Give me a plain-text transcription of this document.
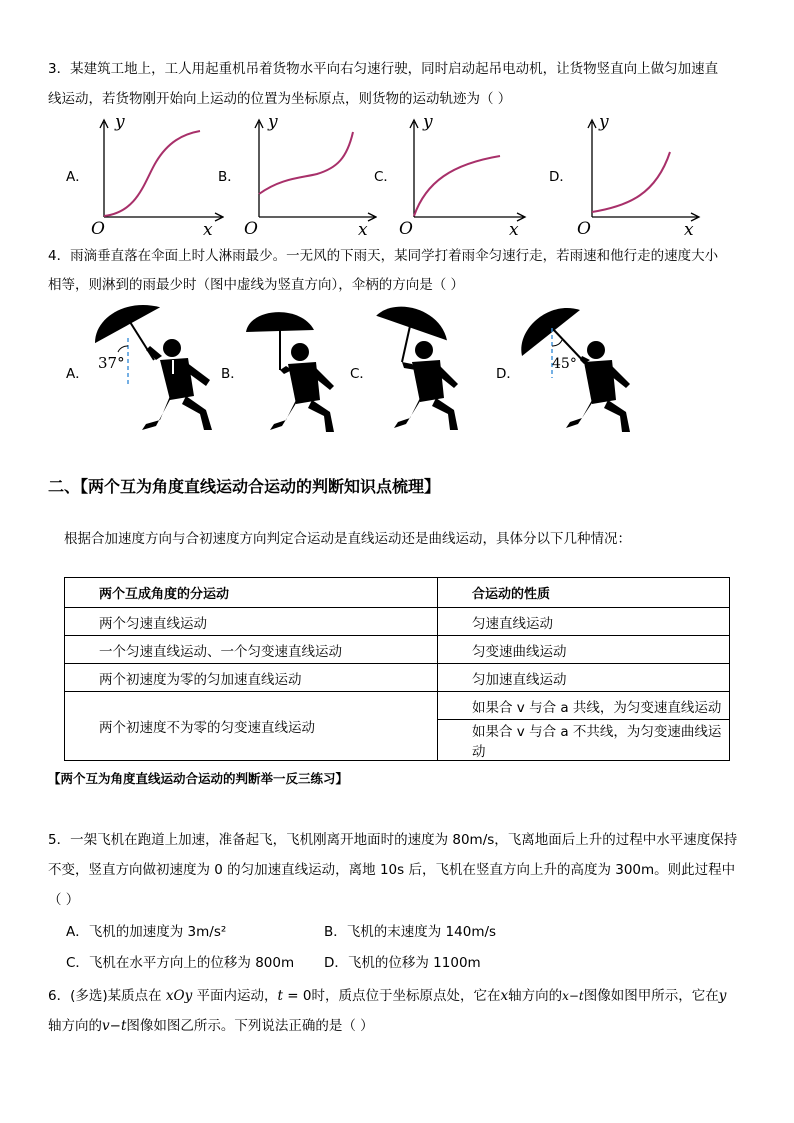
3．某建筑工地上，工人用起重机吊着货物水平向右匀速行驶，同时启动起吊电动机，让货物竖直向上做匀加速直
线运动，若货物刚开始向上运动的位置为坐标原点，则货物的运动轨迹为（ ）
A．	B．	C．	D．
y
x
O
y
x
O
y
x
O
y
x
O
4．雨滴垂直落在伞面上时人淋雨最少。一无风的下雨天，某同学打着雨伞匀速行走，若雨速和他行走的速度大小
相等，则淋到的雨最少时（图中虚线为竖直方向），伞柄的方向是（ ）
A．	B．	C．	D．
37°	45°
二、【两个互为角度直线运动合运动的判断知识点梳理】
根据合加速度方向与合初速度方向判定合运动是直线运动还是曲线运动，具体分以下几种情况：
两个互成角度的分运动	合运动的性质
两个匀速直线运动	匀速直线运动
一个匀速直线运动、一个匀变速直线运动	匀变速曲线运动
两个初速度为零的匀加速直线运动	匀加速直线运动
两个初速度不为零的匀变速直线运动	如果合 v 与合 a 共线，为匀变速直线运动
	如果合 v 与合 a 不共线，为匀变速曲线运动
【两个互为角度直线运动合运动的判断举一反三练习】
5．一架飞机在跑道上加速，准备起飞，飞机刚离开地面时的速度为 80m/s，飞离地面后上升的过程中水平速度保持
不变，竖直方向做初速度为 0 的匀加速直线运动，离地 10s 后，飞机在竖直方向上升的高度为 300m。则此过程中
（ ）
A．飞机的加速度为 3m/s²	B．飞机的末速度为 140m/s
C．飞机在水平方向上的位移为 800m D．飞机的位移为 1100m
6．(多选)某质点在 xOy 平面内运动，t = 0时，质点位于坐标原点处，它在x轴方向的x−t图像如图甲所示，它在y
轴方向的v−t图像如图乙所示。下列说法正确的是（ ）
